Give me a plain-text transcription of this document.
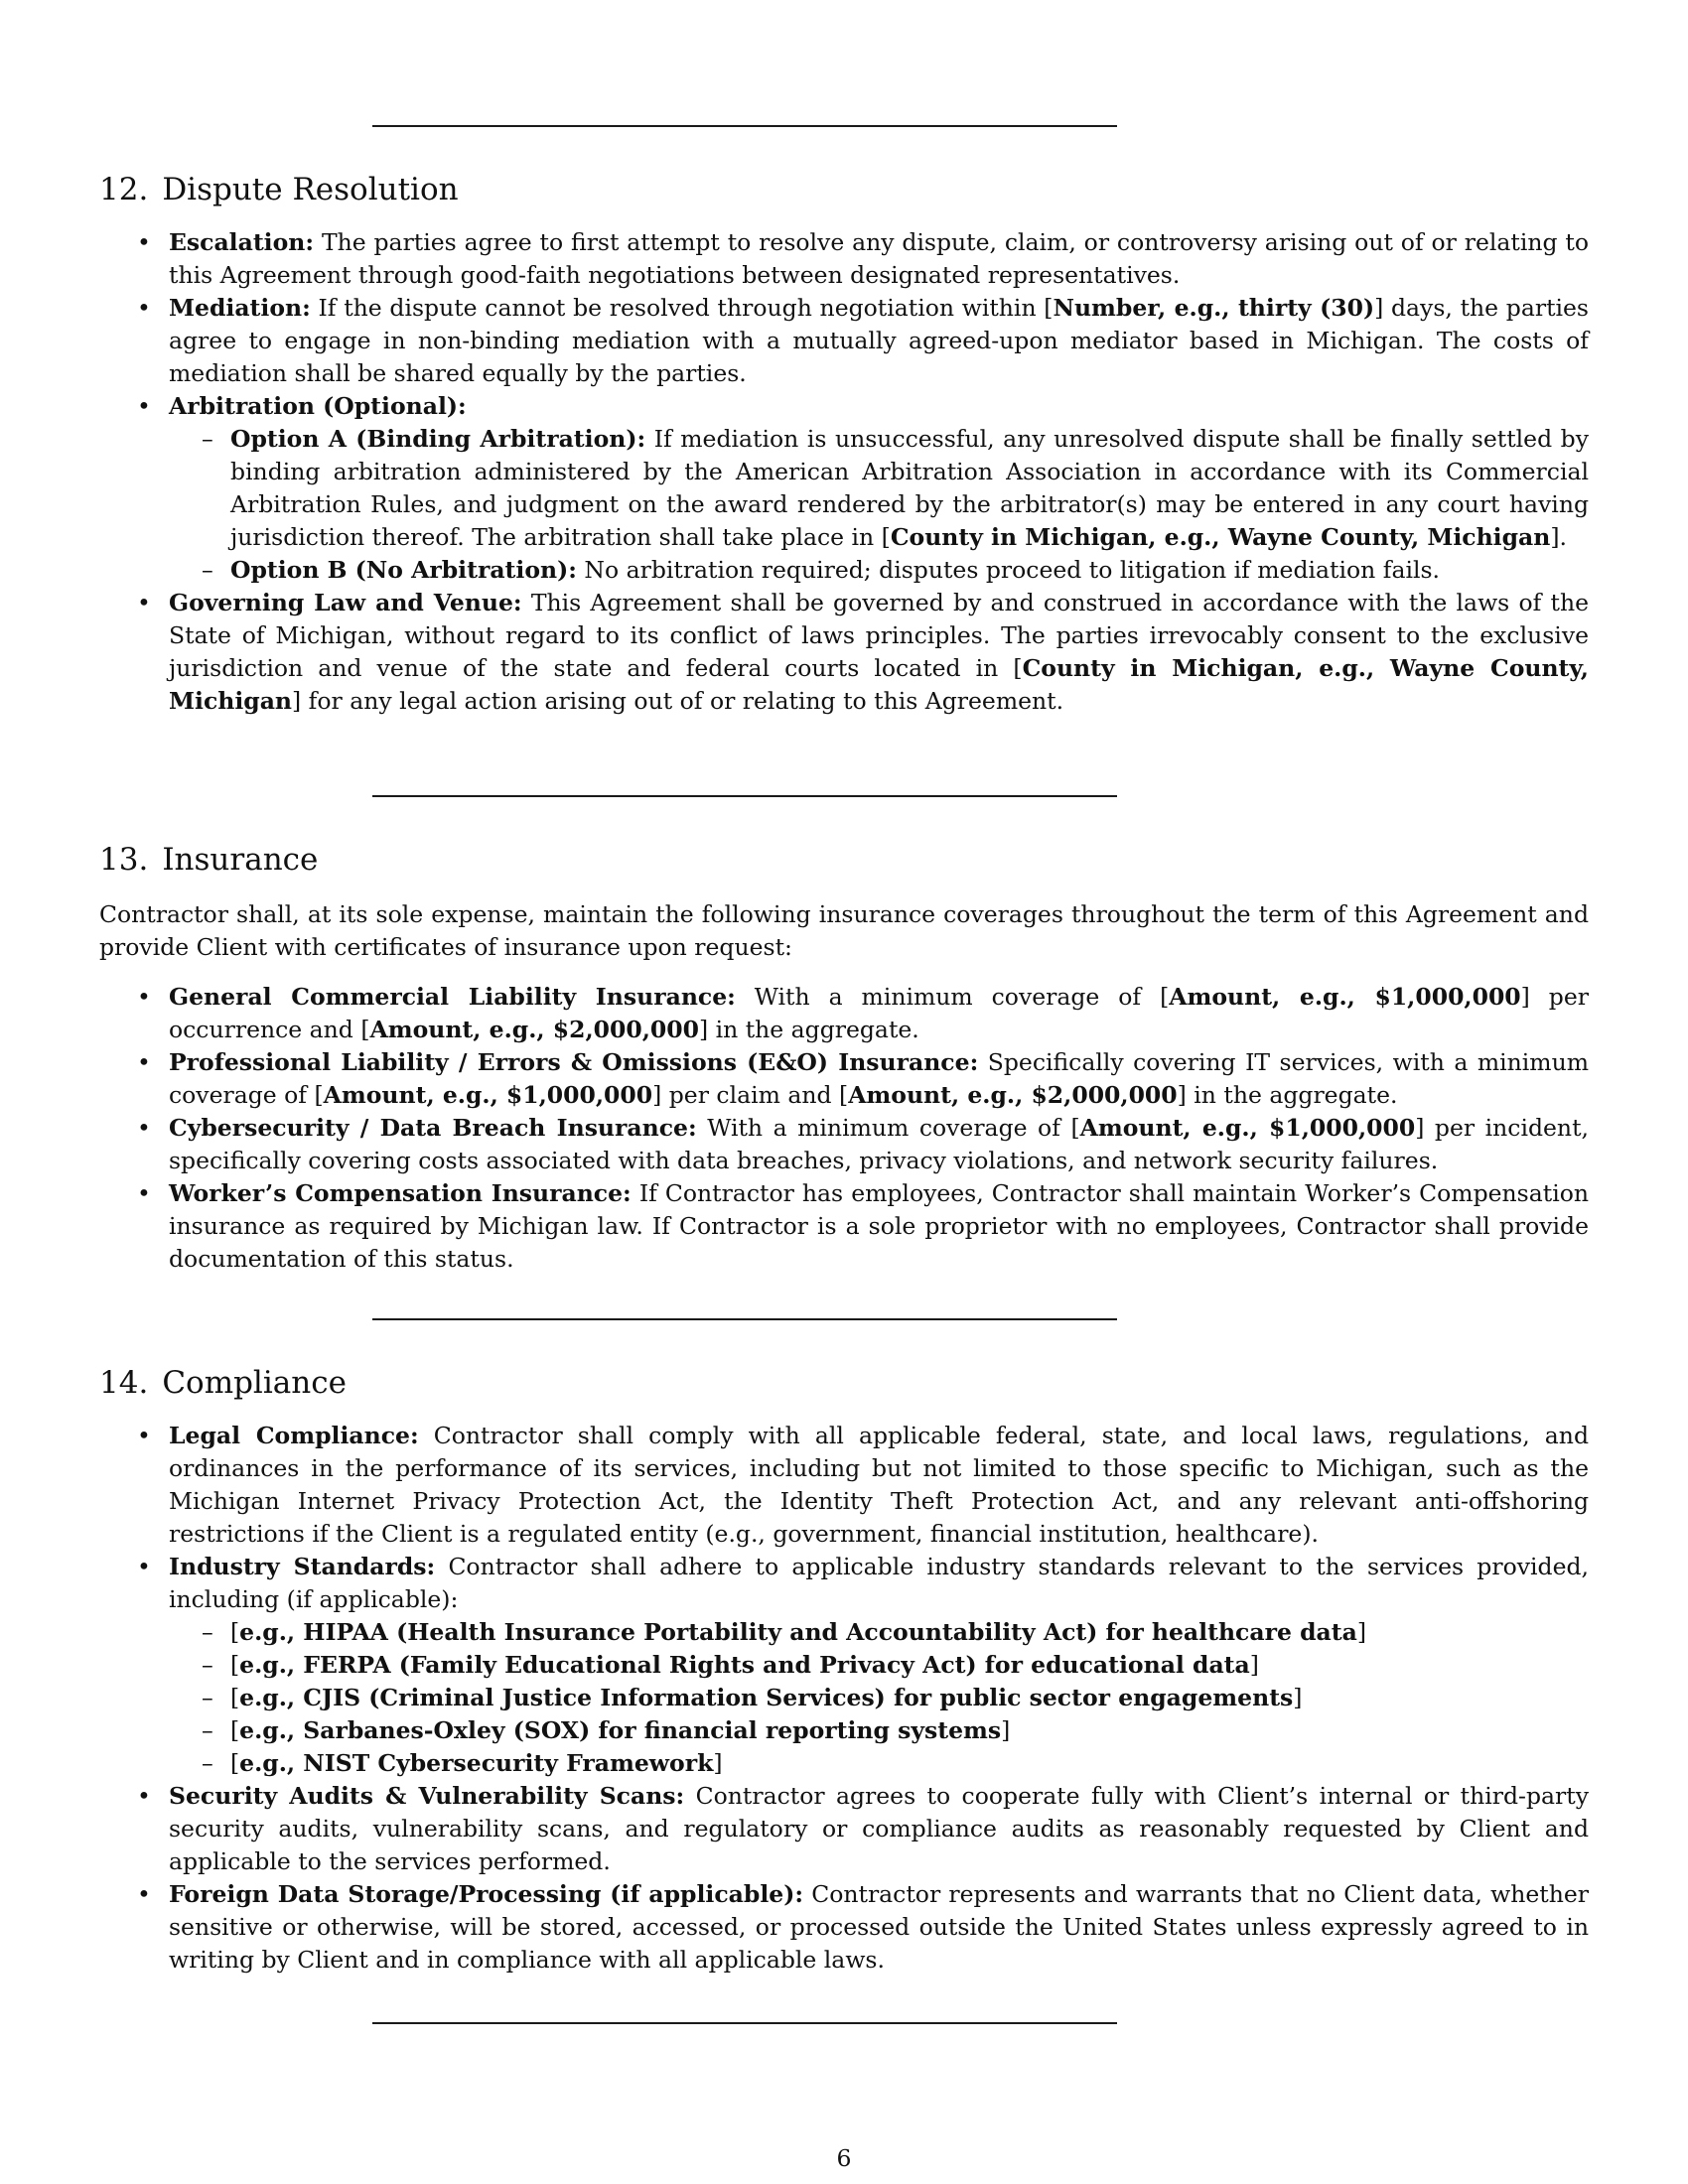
12. Dispute Resolution
• Escalation: The parties agree to first attempt to resolve any dispute, claim, or controversy arising out of or relating to this Agreement through good-faith negotiations between designated representatives.
• Mediation: If the dispute cannot be resolved through negotiation within [Number, e.g., thirty (30)] days, the parties agree to engage in non-binding mediation with a mutually agreed-upon mediator based in Michigan. The costs of mediation shall be shared equally by the parties.
• Arbitration (Optional):
– Option A (Binding Arbitration): If mediation is unsuccessful, any unresolved dispute shall be finally settled by binding arbitration administered by the American Arbitration Association in accordance with its Commercial Arbitration Rules, and judgment on the award rendered by the arbitrator(s) may be entered in any court having jurisdiction thereof. The arbitration shall take place in [County in Michigan, e.g., Wayne County, Michigan].
– Option B (No Arbitration): No arbitration required; disputes proceed to litigation if mediation fails.
• Governing Law and Venue: This Agreement shall be governed by and construed in accordance with the laws of the State of Michigan, without regard to its conflict of laws principles. The parties irrevocably consent to the exclusive jurisdiction and venue of the state and federal courts located in [County in Michigan, e.g., Wayne County, Michigan] for any legal action arising out of or relating to this Agreement.
13. Insurance

Contractor shall, at its sole expense, maintain the following insurance coverages throughout the term of this Agreement and provide Client with certificates of insurance upon request:

• General Commercial Liability Insurance: With a minimum coverage of [Amount, e.g., $1,000,000] per occurrence and [Amount, e.g., $2,000,000] in the aggregate.
• Professional Liability / Errors & Omissions (E&O) Insurance: Specifically covering IT services, with a minimum coverage of [Amount, e.g., $1,000,000] per claim and [Amount, e.g., $2,000,000] in the aggregate.
• Cybersecurity / Data Breach Insurance: With a minimum coverage of [Amount, e.g., $1,000,000] per incident, specifically covering costs associated with data breaches, privacy violations, and network security failures.
• Worker’s Compensation Insurance: If Contractor has employees, Contractor shall maintain Worker’s Compensation insurance as required by Michigan law. If Contractor is a sole proprietor with no employees, Contractor shall provide documentation of this status.
14. Compliance
• Legal Compliance: Contractor shall comply with all applicable federal, state, and local laws, regulations, and ordinances in the performance of its services, including but not limited to those specific to Michigan, such as the Michigan Internet Privacy Protection Act, the Identity Theft Protection Act, and any relevant anti-offshoring restrictions if the Client is a regulated entity (e.g., government, financial institution, healthcare).
• Industry Standards: Contractor shall adhere to applicable industry standards relevant to the services provided, including (if applicable):
– [e.g., HIPAA (Health Insurance Portability and Accountability Act) for healthcare data]
– [e.g., FERPA (Family Educational Rights and Privacy Act) for educational data]
– [e.g., CJIS (Criminal Justice Information Services) for public sector engagements]
– [e.g., Sarbanes-Oxley (SOX) for financial reporting systems]
– [e.g., NIST Cybersecurity Framework]
• Security Audits & Vulnerability Scans: Contractor agrees to cooperate fully with Client’s internal or third-party security audits, vulnerability scans, and regulatory or compliance audits as reasonably requested by Client and applicable to the services performed.
• Foreign Data Storage/Processing (if applicable): Contractor represents and warrants that no Client data, whether sensitive or otherwise, will be stored, accessed, or processed outside the United States unless expressly agreed to in writing by Client and in compliance with all applicable laws.
6
